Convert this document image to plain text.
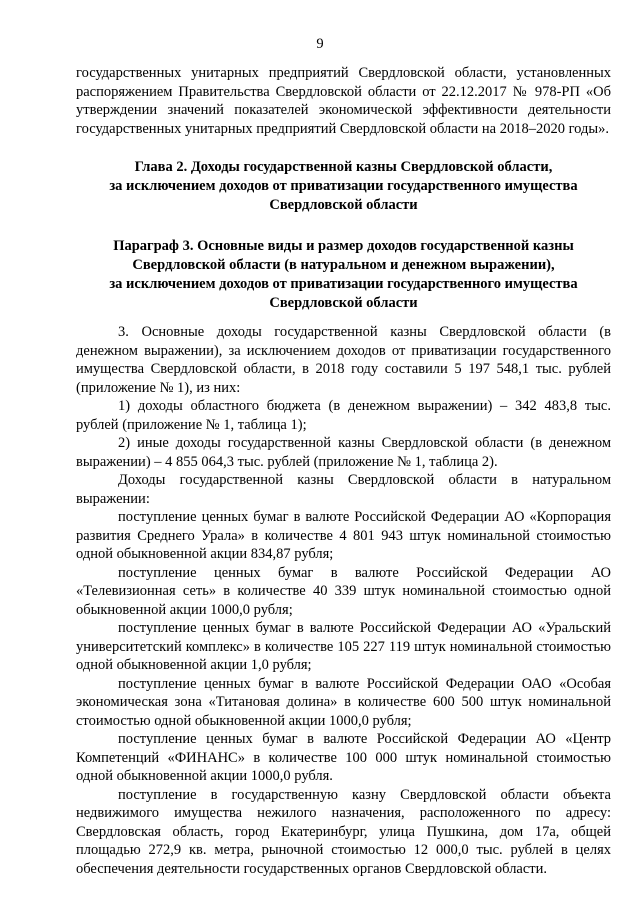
9

государственных унитарных предприятий Свердловской области, установленных распоряжением Правительства Свердловской области от 22.12.2017 № 978-РП «Об утверждении значений показателей экономической эффективности деятельности государственных унитарных предприятий Свердловской области на 2018–2020 годы».

Глава 2. Доходы государственной казны Свердловской области,
за исключением доходов от приватизации государственного имущества
Свердловской области
Параграф 3. Основные виды и размер доходов государственной казны
Свердловской области (в натуральном и денежном выражении),
за исключением доходов от приватизации государственного имущества
Свердловской области

3. Основные доходы государственной казны Свердловской области (в денежном выражении), за исключением доходов от приватизации государственного имущества Свердловской области, в 2018 году составили 5 197 548,1 тыс. рублей (приложение № 1), из них:

1) доходы областного бюджета (в денежном выражении) – 342 483,8 тыс. рублей (приложение № 1, таблица 1);

2) иные доходы государственной казны Свердловской области (в денежном выражении) – 4 855 064,3 тыс. рублей (приложение № 1, таблица 2).

Доходы государственной казны Свердловской области в натуральном выражении:

поступление ценных бумаг в валюте Российской Федерации АО «Корпорация развития Среднего Урала» в количестве 4 801 943 штук номинальной стоимостью одной обыкновенной акции 834,87 рубля;

поступление ценных бумаг в валюте Российской Федерации АО «Телевизионная сеть» в количестве 40 339 штук номинальной стоимостью одной обыкновенной акции 1000,0 рубля;

поступление ценных бумаг в валюте Российской Федерации АО «Уральский университетский комплекс» в количестве 105 227 119 штук номинальной стоимостью одной обыкновенной акции 1,0 рубля;

поступление ценных бумаг в валюте Российской Федерации ОАО «Особая экономическая зона «Титановая долина» в количестве 600 500 штук номинальной стоимостью одной обыкновенной акции 1000,0 рубля;

поступление ценных бумаг в валюте Российской Федерации АО «Центр Компетенций «ФИНАНС» в количестве 100 000 штук номинальной стоимостью одной обыкновенной акции 1000,0 рубля.

поступление в государственную казну Свердловской области объекта недвижимого имущества нежилого назначения, расположенного по адресу: Свердловская область, город Екатеринбург, улица Пушкина, дом 17а, общей площадью 272,9 кв. метра, рыночной стоимостью 12 000,0 тыс. рублей в целях обеспечения деятельности государственных органов Свердловской области.
